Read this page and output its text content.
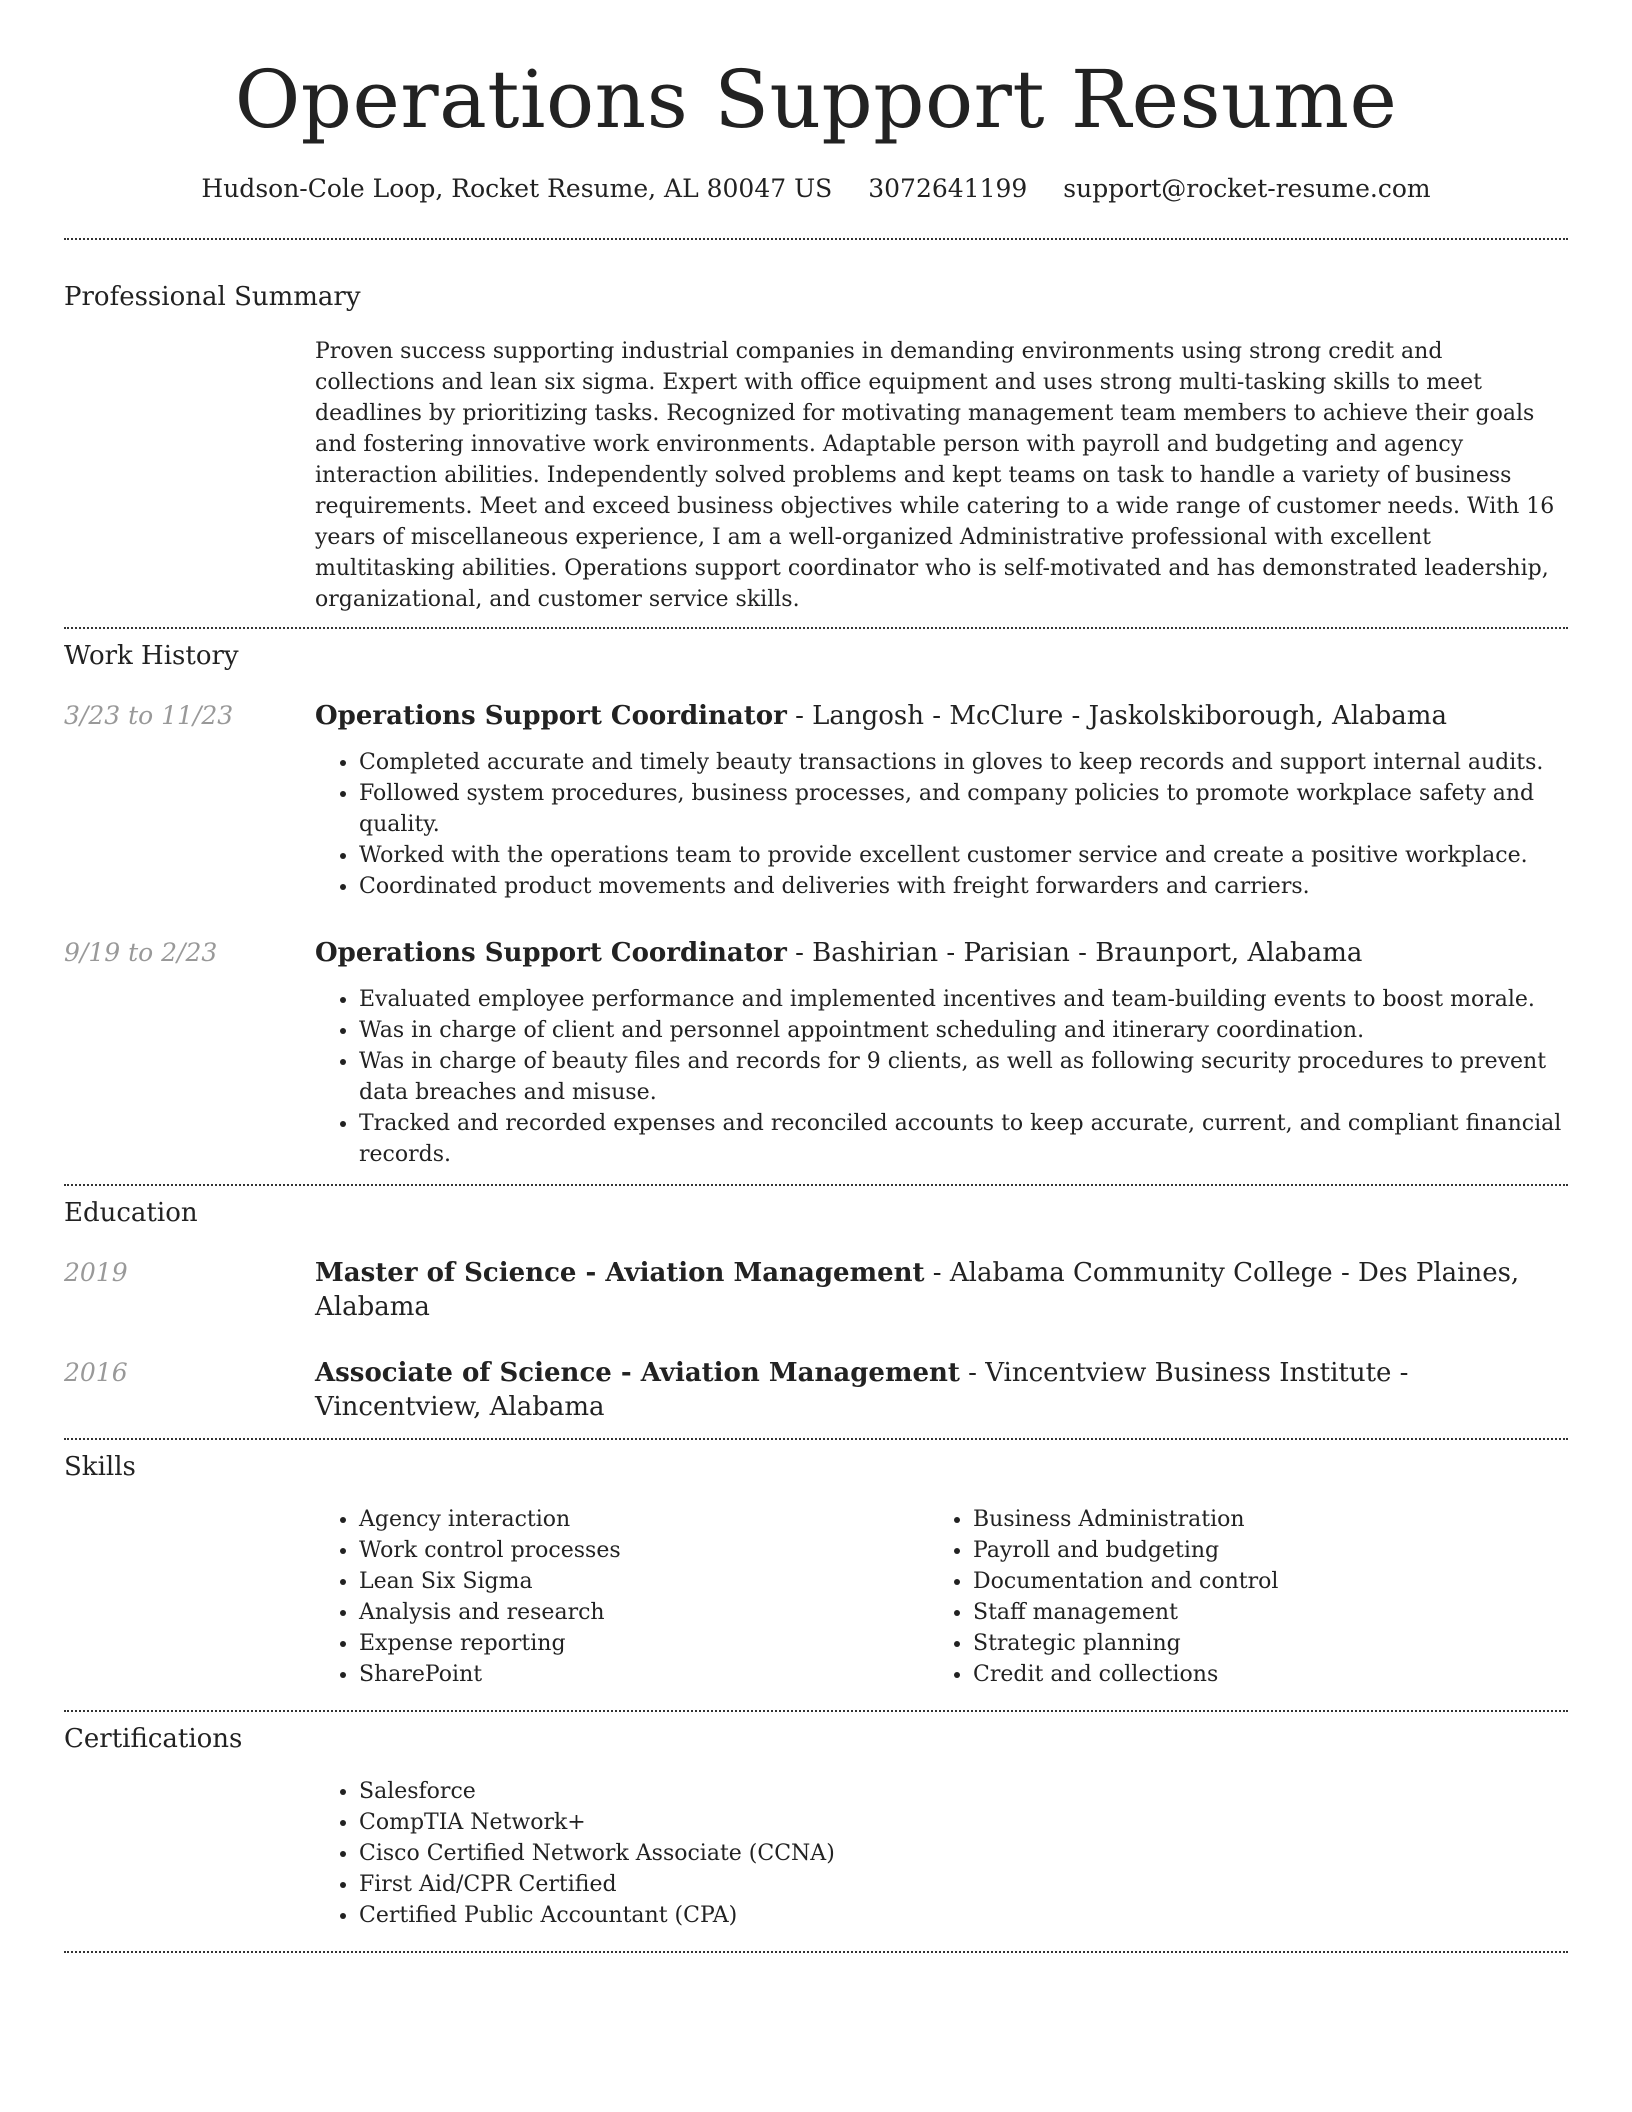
Operations Support Resume
Hudson-Cole Loop, Rocket Resume, AL 80047 US 3072641199 support@rocket-resume.com
Professional Summary
Proven success supporting industrial companies in demanding environments using strong credit and collections and lean six sigma. Expert with office equipment and uses strong multi-tasking skills to meet deadlines by prioritizing tasks. Recognized for motivating management team members to achieve their goals and fostering innovative work environments. Adaptable person with payroll and budgeting and agency interaction abilities. Independently solved problems and kept teams on task to handle a variety of business requirements. Meet and exceed business objectives while catering to a wide range of customer needs. With 16 years of miscellaneous experience, I am a well-organized Administrative professional with excellent multitasking abilities. Operations support coordinator who is self-motivated and has demonstrated leadership, organizational, and customer service skills.
Work History
3/23 to 11/23	Operations Support Coordinator - Langosh - McClure - Jaskolskiborough, Alabama
• Completed accurate and timely beauty transactions in gloves to keep records and support internal audits.
• Followed system procedures, business processes, and company policies to promote workplace safety and quality.
• Worked with the operations team to provide excellent customer service and create a positive workplace.
• Coordinated product movements and deliveries with freight forwarders and carriers.
9/19 to 2/23	Operations Support Coordinator - Bashirian - Parisian - Braunport, Alabama
• Evaluated employee performance and implemented incentives and team-building events to boost morale.
• Was in charge of client and personnel appointment scheduling and itinerary coordination.
• Was in charge of beauty files and records for 9 clients, as well as following security procedures to prevent data breaches and misuse.
• Tracked and recorded expenses and reconciled accounts to keep accurate, current, and compliant financial records.
Education
2019	Master of Science - Aviation Management - Alabama Community College - Des Plaines, Alabama
2016	Associate of Science - Aviation Management - Vincentview Business Institute - Vincentview, Alabama
Skills
• Agency interaction
• Work control processes
• Lean Six Sigma
• Analysis and research
• Expense reporting
• SharePoint
• Business Administration
• Payroll and budgeting
• Documentation and control
• Staff management
• Strategic planning
• Credit and collections
Certifications
• Salesforce
• CompTIA Network+
• Cisco Certified Network Associate (CCNA)
• First Aid/CPR Certified
• Certified Public Accountant (CPA)
